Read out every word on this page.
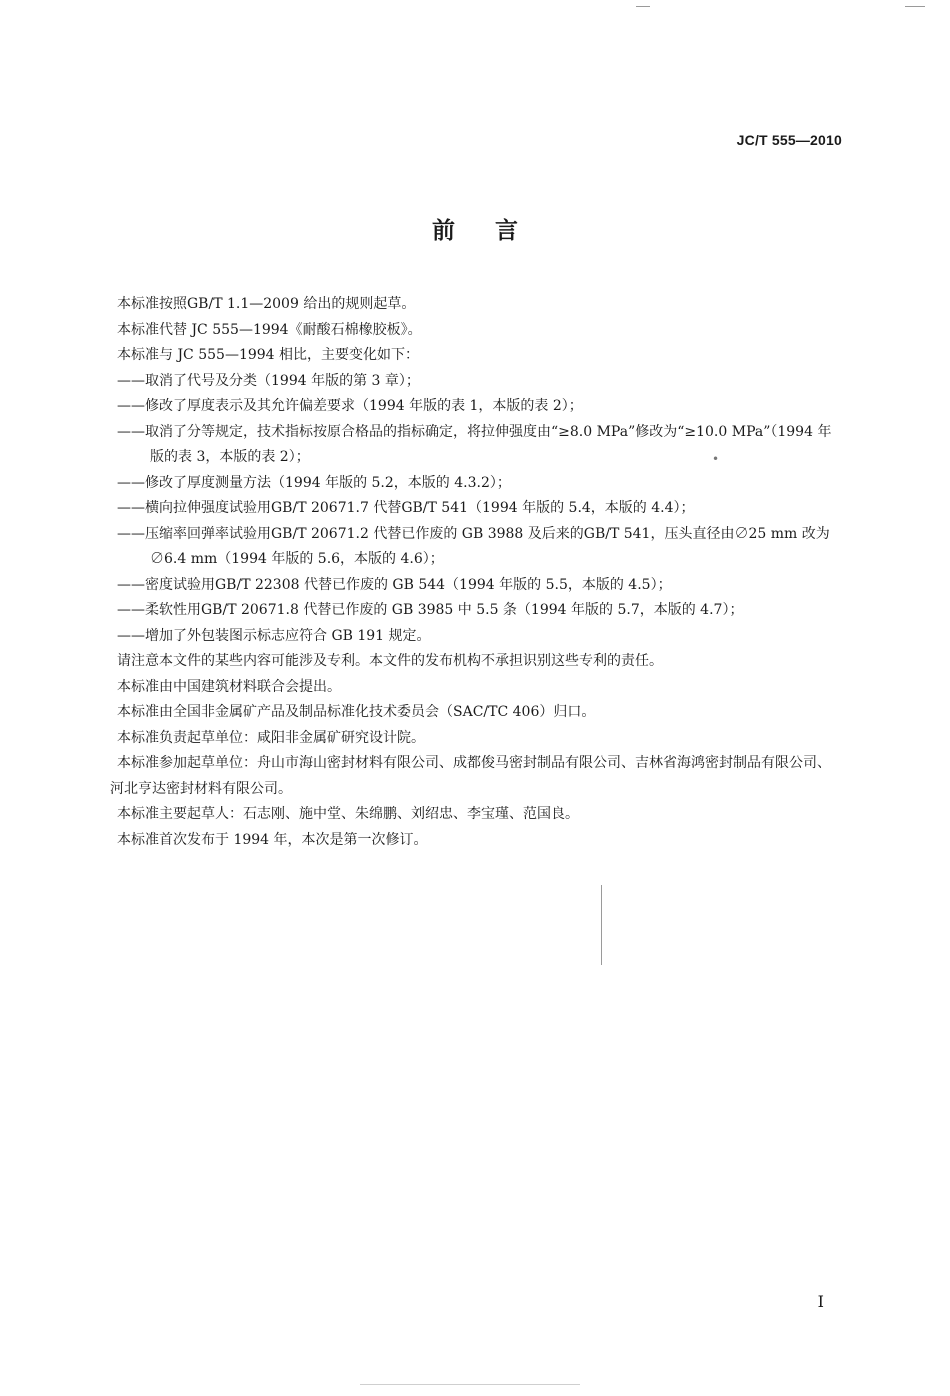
JC/T 555—2010
前言

本标准按照GB/T 1.1—2009 给出的规则起草。

本标准代替 JC 555—1994《耐酸石棉橡胶板》。

本标准与 JC 555—1994 相比，主要变化如下：

——取消了代号及分类（1994 年版的第 3 章）；

——修改了厚度表示及其允许偏差要求（1994 年版的表 1，本版的表 2）；

——取消了分等规定，技术指标按原合格品的指标确定，将拉伸强度由“≥8.0 MPa”修改为“≥10.0 MPa”（1994 年版的表 3，本版的表 2）；

——修改了厚度测量方法（1994 年版的 5.2，本版的 4.3.2）；

——横向拉伸强度试验用GB/T 20671.7 代替GB/T 541（1994 年版的 5.4，本版的 4.4）；

——压缩率回弹率试验用GB/T 20671.2 代替已作废的 GB 3988 及后来的GB/T 541，压头直径由∅25 mm 改为∅6.4 mm（1994 年版的 5.6，本版的 4.6）；

——密度试验用GB/T 22308 代替已作废的 GB 544（1994 年版的 5.5，本版的 4.5）；

——柔软性用GB/T 20671.8 代替已作废的 GB 3985 中 5.5 条（1994 年版的 5.7，本版的 4.7）；

——增加了外包装图示标志应符合 GB 191 规定。

请注意本文件的某些内容可能涉及专利。本文件的发布机构不承担识别这些专利的责任。

本标准由中国建筑材料联合会提出。

本标准由全国非金属矿产品及制品标准化技术委员会（SAC/TC 406）归口。

本标准负责起草单位：咸阳非金属矿研究设计院。

本标准参加起草单位：舟山市海山密封材料有限公司、成都俊马密封制品有限公司、吉林省海鸿密封制品有限公司、河北亨达密封材料有限公司。

本标准主要起草人：石志刚、施中堂、朱绵鹏、刘绍忠、李宝瑾、范国良。

本标准首次发布于 1994 年，本次是第一次修订。

I
•
